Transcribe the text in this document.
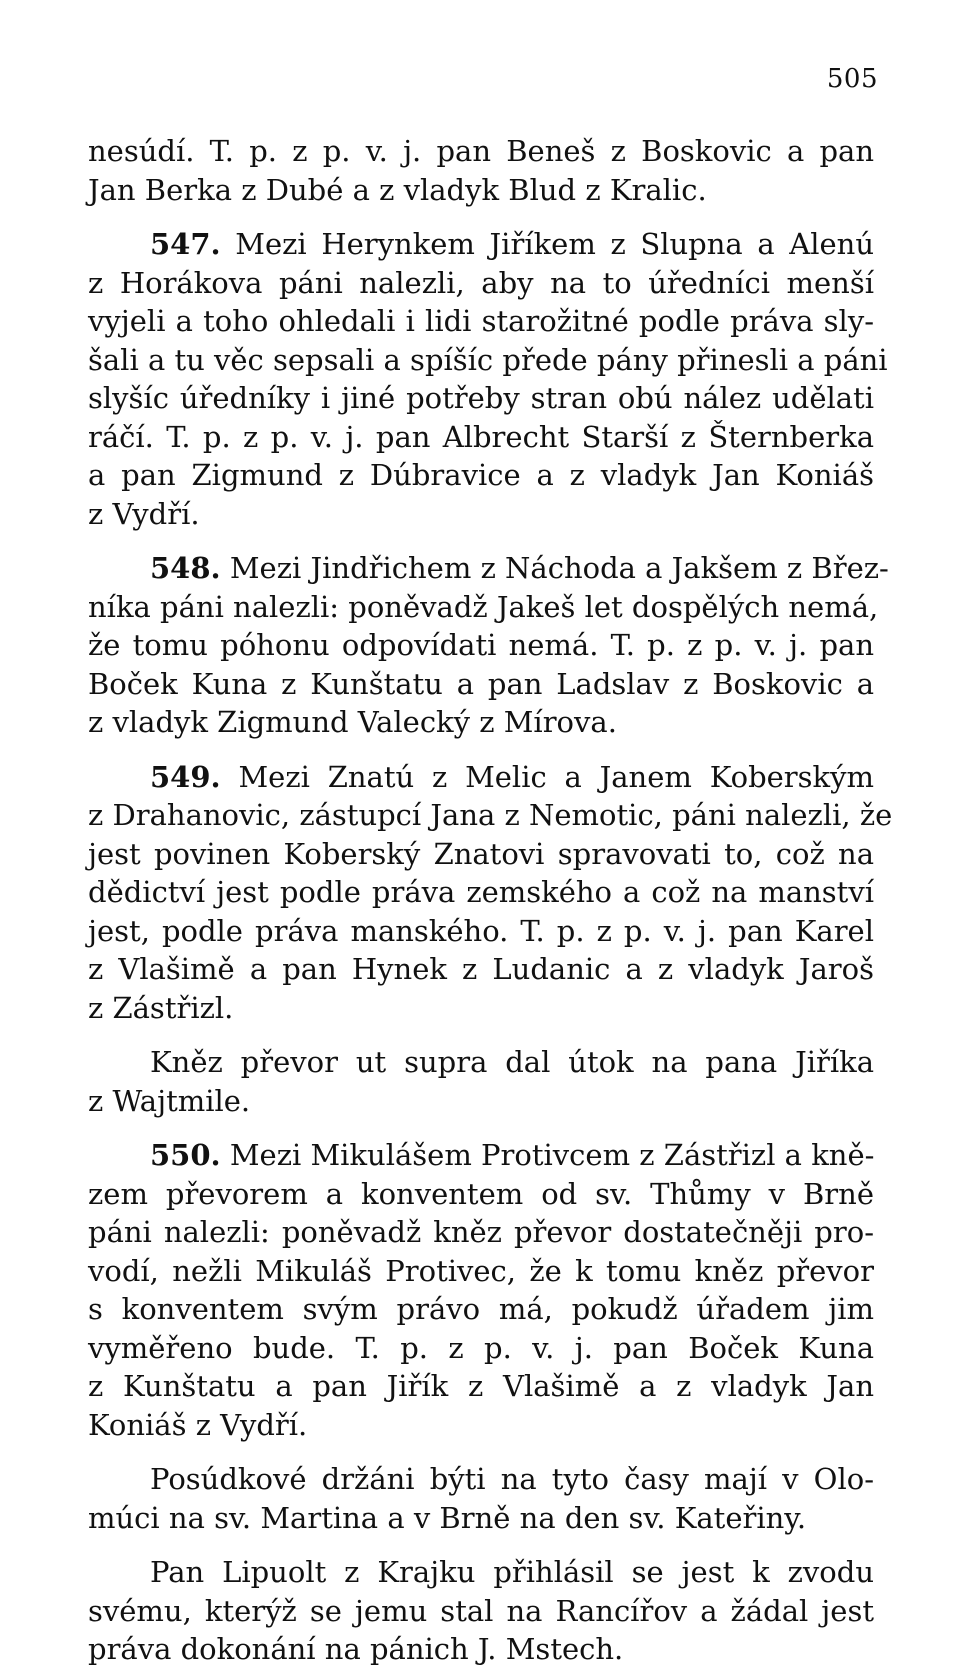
505
nesúdí. T. p. z p. v. j. pan Beneš z Boskovic a pan
Jan Berka z Dubé a z vladyk Blud z Kralic.
547. Mezi Herynkem Jiříkem z Slupna a Alenú
z Horákova páni nalezli, aby na to úředníci menší
vyjeli a toho ohledali i lidi starožitné podle práva sly-
šali a tu věc sepsali a spíšíc přede pány přinesli a páni
slyšíc úředníky i jiné potřeby stran obú nález udělati
ráčí. T. p. z p. v. j. pan Albrecht Starší z Šternberka
a pan Zigmund z Dúbravice a z vladyk Jan Koniáš
z Vydří.
548. Mezi Jindřichem z Náchoda a Jakšem z Břez-
níka páni nalezli: poněvadž Jakeš let dospělých nemá,
že tomu póhonu odpovídati nemá. T. p. z p. v. j. pan
Boček Kuna z Kunštatu a pan Ladslav z Boskovic a
z vladyk Zigmund Valecký z Mírova.
549. Mezi Znatú z Melic a Janem Koberským
z Drahanovic, zástupcí Jana z Nemotic, páni nalezli, že
jest povinen Koberský Znatovi spravovati to, což na
dědictví jest podle práva zemského a což na manství
jest, podle práva manského. T. p. z p. v. j. pan Karel
z Vlašimě a pan Hynek z Ludanic a z vladyk Jaroš
z Zástřizl.
Kněz převor ut supra dal útok na pana Jiříka
z Wajtmile.
550. Mezi Mikulášem Protivcem z Zástřizl a kně-
zem převorem a konventem od sv. Thůmy v Brně
páni nalezli: poněvadž kněz převor dostatečněji pro-
vodí, nežli Mikuláš Protivec, že k tomu kněz převor
s konventem svým právo má, pokudž úřadem jim
vyměřeno bude. T. p. z p. v. j. pan Boček Kuna
z Kunštatu a pan Jiřík z Vlašimě a z vladyk Jan
Koniáš z Vydří.
Posúdkové držáni býti na tyto časy mají v Olo-
múci na sv. Martina a v Brně na den sv. Kateřiny.
Pan Lipuolt z Krajku přihlásil se jest k zvodu
svému, kterýž se jemu stal na Rancířov a žádal jest
práva dokonání na pánich J. Mstech.
